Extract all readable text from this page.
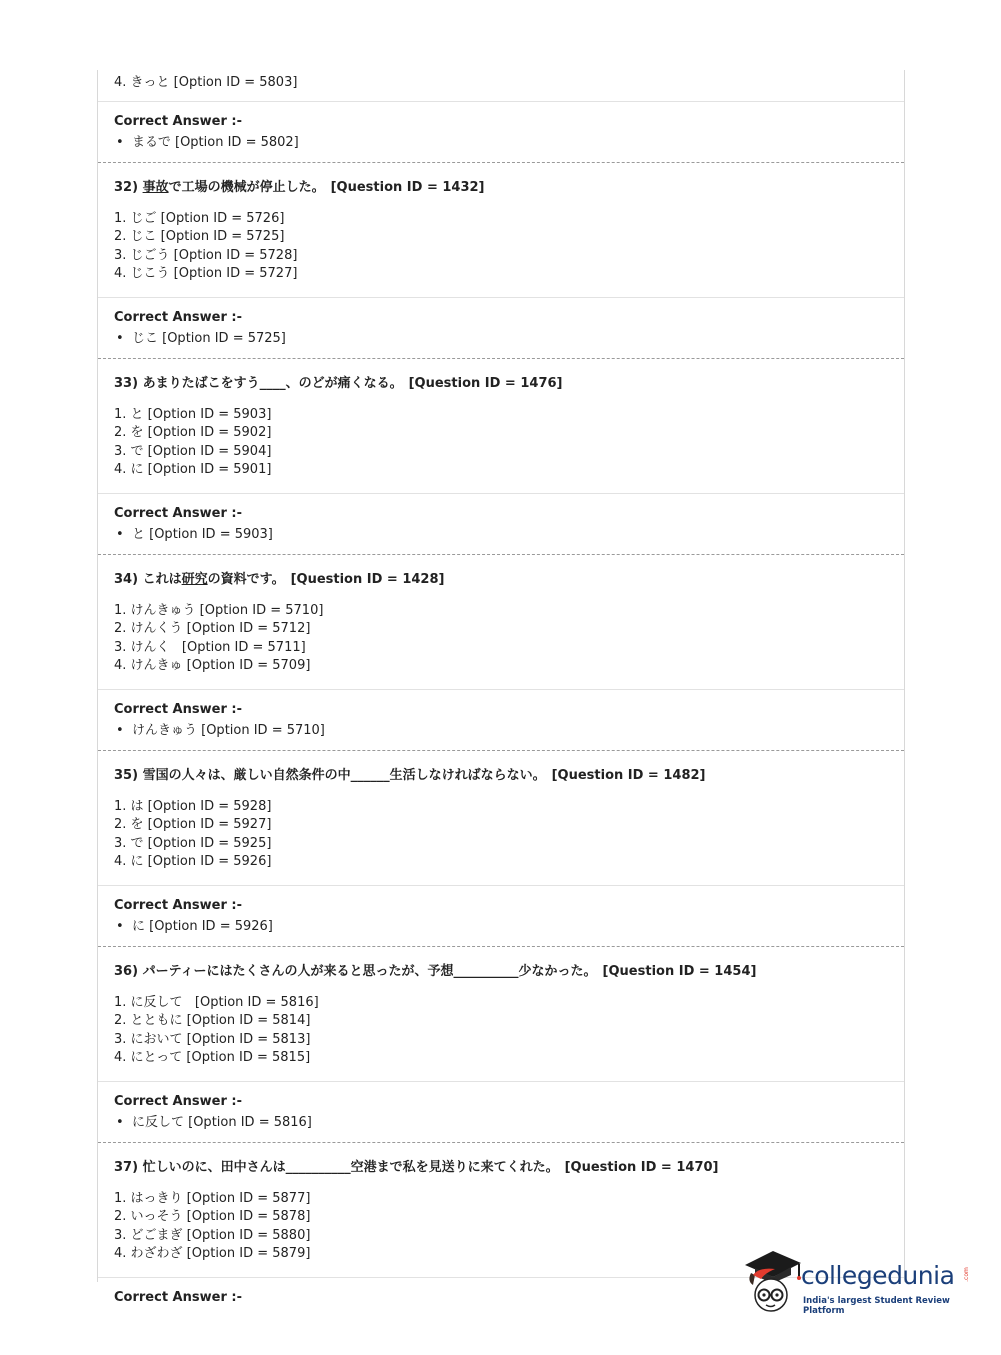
4. きっと [Option ID = 5803]
Correct Answer :-
• まるで [Option ID = 5802]
32) 事故で工場の機械が停止した。 [Question ID = 1432]
1. じご [Option ID = 5726]
2. じこ [Option ID = 5725]
3. じごう [Option ID = 5728]
4. じこう [Option ID = 5727]
Correct Answer :-
• じこ [Option ID = 5725]
33) あまりたばこをすう____、のどが痛くなる。 [Question ID = 1476]
1. と [Option ID = 5903]
2. を [Option ID = 5902]
3. で [Option ID = 5904]
4. に [Option ID = 5901]
Correct Answer :-
• と [Option ID = 5903]
34) これは研究の資料です。 [Question ID = 1428]
1. けんきゅう [Option ID = 5710]
2. けんくう [Option ID = 5712]
3. けんく   [Option ID = 5711]
4. けんきゅ [Option ID = 5709]
Correct Answer :-
• けんきゅう [Option ID = 5710]
35) 雪国の人々は、厳しい自然条件の中______生活しなければならない。 [Question ID = 1482]
1. は [Option ID = 5928]
2. を [Option ID = 5927]
3. で [Option ID = 5925]
4. に [Option ID = 5926]
Correct Answer :-
• に [Option ID = 5926]
36) パーティーにはたくさんの人が来ると思ったが、予想__________少なかった。 [Question ID = 1454]
1. に反して   [Option ID = 5816]
2. とともに [Option ID = 5814]
3. において [Option ID = 5813]
4. にとって [Option ID = 5815]
Correct Answer :-
• に反して [Option ID = 5816]
37) 忙しいのに、田中さんは__________空港まで私を見送りに来てくれた。 [Question ID = 1470]
1. はっきり [Option ID = 5877]
2. いっそう [Option ID = 5878]
3. どごまぎ [Option ID = 5880]
4. わざわざ [Option ID = 5879]
Correct Answer :-
collegedunia .com
India's largest Student Review Platform
